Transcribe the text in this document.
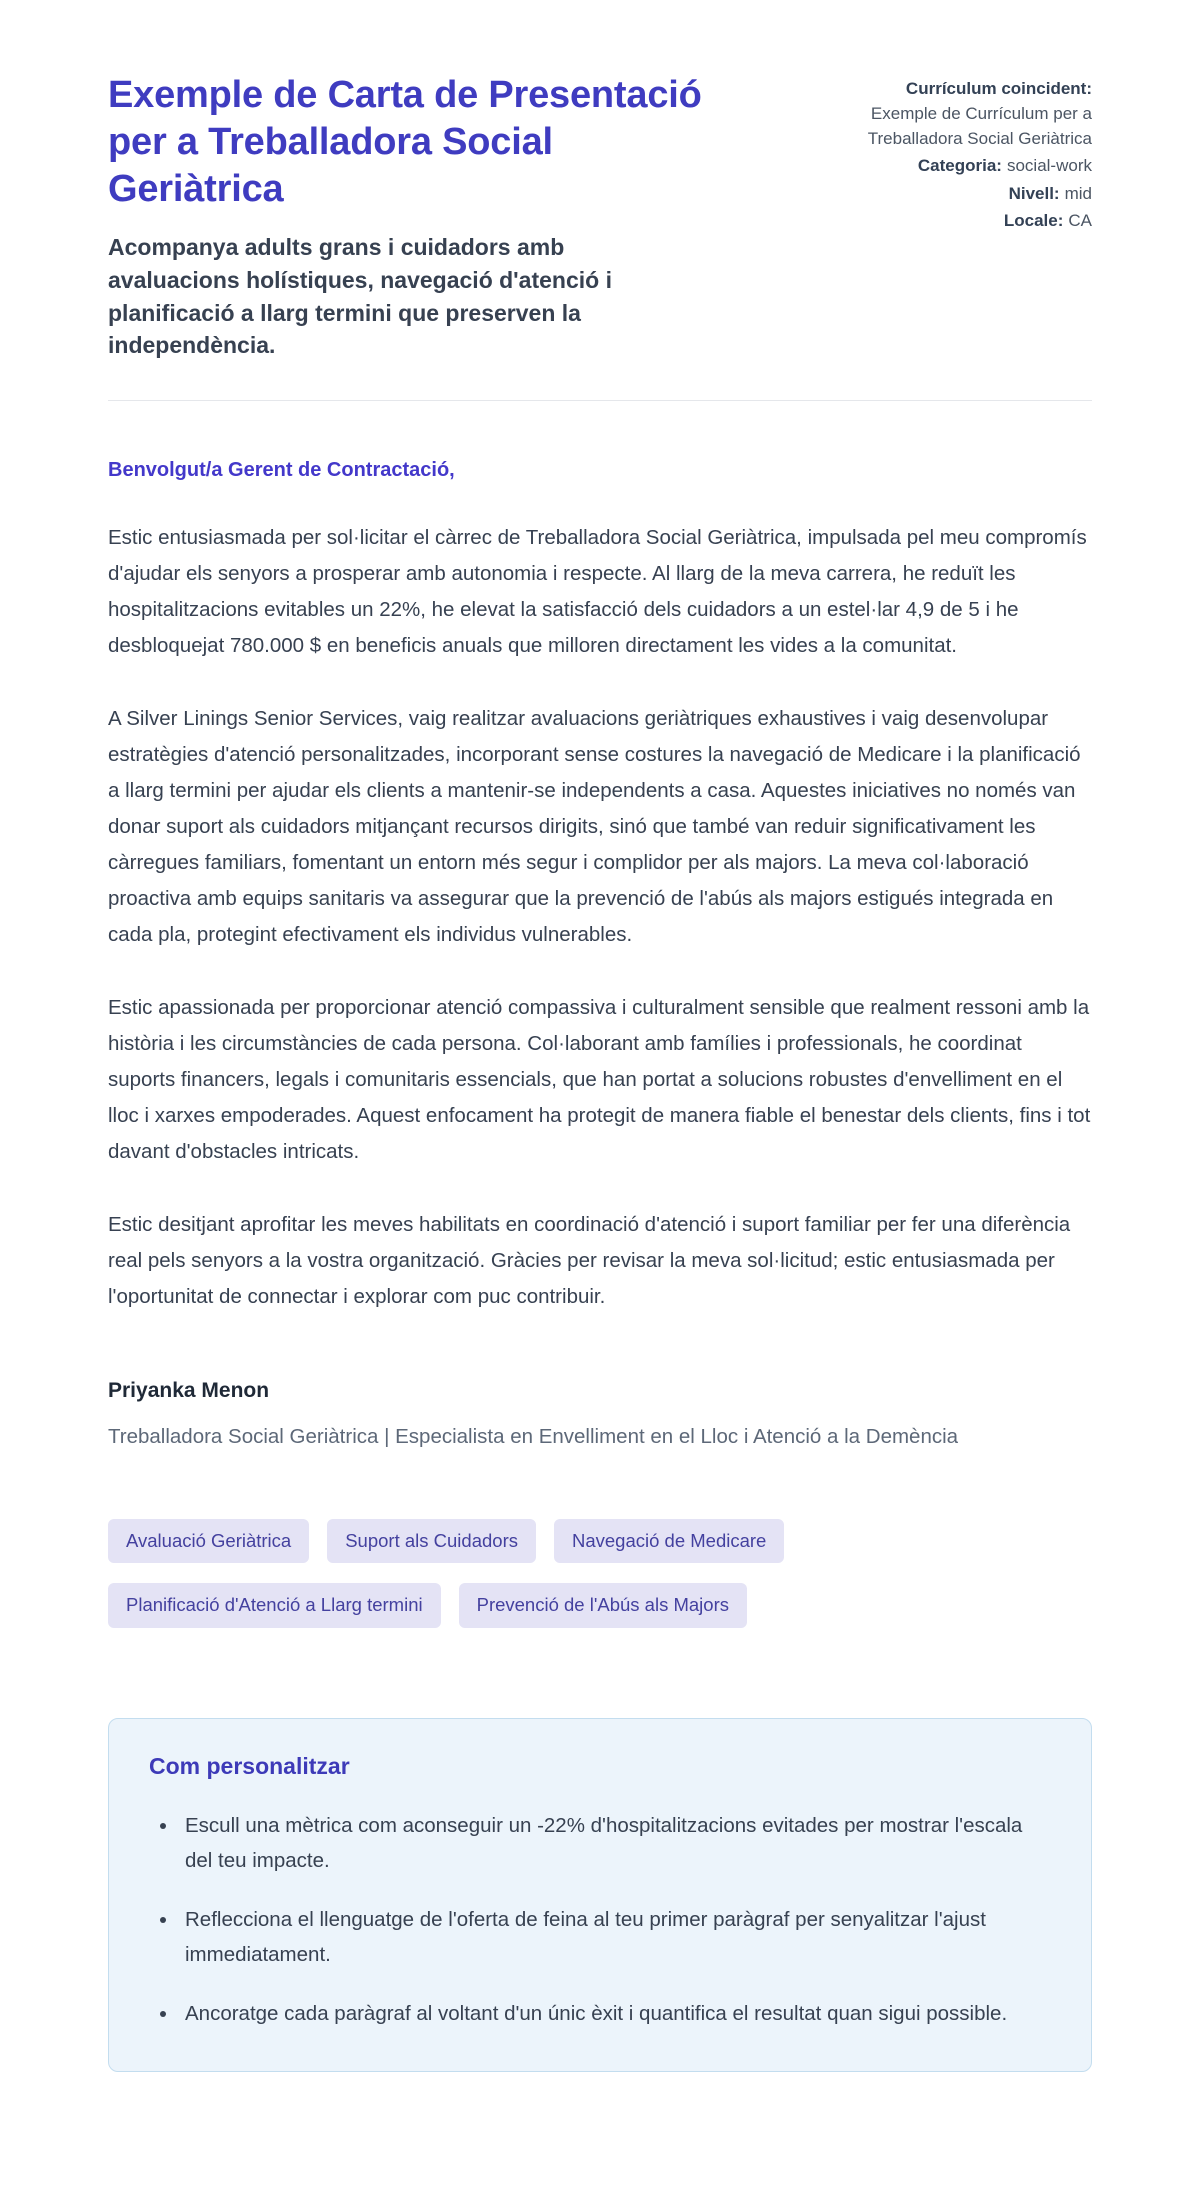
Exemple de Carta de Presentació per a Treballadora Social Geriàtrica

Acompanya adults grans i cuidadors amb avaluacions holístiques, navegació d'atenció i planificació a llarg termini que preserven la independència.

Currículum coincident:
Exemple de Currículum per a Treballadora Social Geriàtrica
Categoria: social-work
Nivell: mid
Locale: CA
Benvolgut/a Gerent de Contractació,

Estic entusiasmada per sol·licitar el càrrec de Treballadora Social Geriàtrica, impulsada pel meu compromís d'ajudar els senyors a prosperar amb autonomia i respecte. Al llarg de la meva carrera, he reduït les hospitalitzacions evitables un 22%, he elevat la satisfacció dels cuidadors a un estel·lar 4,9 de 5 i he desbloquejat 780.000 $ en beneficis anuals que milloren directament les vides a la comunitat.

A Silver Linings Senior Services, vaig realitzar avaluacions geriàtriques exhaustives i vaig desenvolupar estratègies d'atenció personalitzades, incorporant sense costures la navegació de Medicare i la planificació a llarg termini per ajudar els clients a mantenir-se independents a casa. Aquestes iniciatives no només van donar suport als cuidadors mitjançant recursos dirigits, sinó que també van reduir significativament les càrregues familiars, fomentant un entorn més segur i complidor per als majors. La meva col·laboració proactiva amb equips sanitaris va assegurar que la prevenció de l'abús als majors estigués integrada en cada pla, protegint efectivament els individus vulnerables.

Estic apassionada per proporcionar atenció compassiva i culturalment sensible que realment ressoni amb la història i les circumstàncies de cada persona. Col·laborant amb famílies i professionals, he coordinat suports financers, legals i comunitaris essencials, que han portat a solucions robustes d'envelliment en el lloc i xarxes empoderades. Aquest enfocament ha protegit de manera fiable el benestar dels clients, fins i tot davant d'obstacles intricats.

Estic desitjant aprofitar les meves habilitats en coordinació d'atenció i suport familiar per fer una diferència real pels senyors a la vostra organització. Gràcies per revisar la meva sol·licitud; estic entusiasmada per l'oportunitat de connectar i explorar com puc contribuir.

Priyanka Menon
Treballadora Social Geriàtrica | Especialista en Envelliment en el Lloc i Atenció a la Demència
Avaluació Geriàtrica	Suport als Cuidadors	Navegació de Medicare
Planificació d'Atenció a Llarg termini	Prevenció de l'Abús als Majors
Com personalitzar
• Escull una mètrica com aconseguir un -22% d'hospitalitzacions evitades per mostrar l'escala del teu impacte.
• Reflecciona el llenguatge de l'oferta de feina al teu primer paràgraf per senyalitzar l'ajust immediatament.
• Ancoratge cada paràgraf al voltant d'un únic èxit i quantifica el resultat quan sigui possible.
